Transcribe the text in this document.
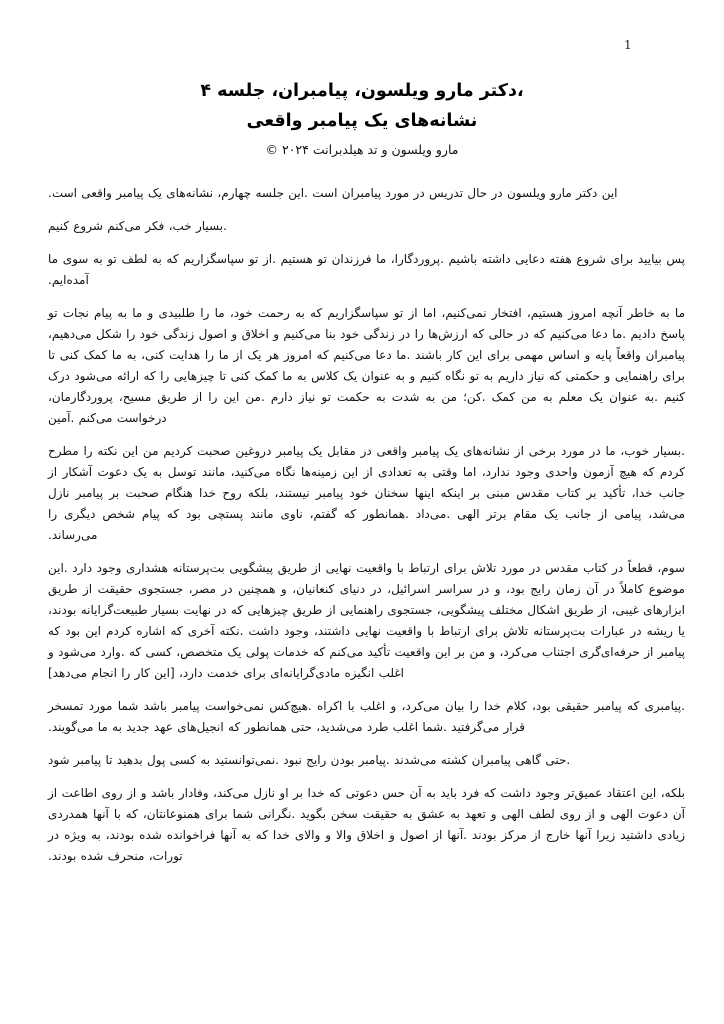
1
،دکتر مارو ویلسون، پیامبران، جلسه ۴
نشانه‌های یک پیامبر واقعی
مارو ویلسون و تد هیلدبرانت ۲۰۲۴ ©

این دکتر مارو ویلسون در حال تدریس در مورد پیامبران است .این جلسه چهارم، نشانه‌های یک پیامبر واقعی است.

.بسیار خب، فکر می‌کنم شروع کنیم

پس بیایید برای شروع هفته دعایی داشته باشیم .پروردگارا، ما فرزندان تو هستیم .از تو سپاسگزاریم که به لطف تو به سوی ما آمده‌ایم.

ما به خاطر آنچه امروز هستیم، افتخار نمی‌کنیم، اما از تو سپاسگزاریم که به رحمت خود، ما را طلبیدی و ما به پیام نجات تو پاسخ دادیم .ما دعا می‌کنیم که در حالی که ارزش‌ها را در زندگی خود بنا می‌کنیم و اخلاق و اصول زندگی خود را شکل می‌دهیم، پیامبران واقعاً پایه و اساس مهمی برای این کار باشند .ما دعا می‌کنیم که امروز هر یک از ما را هدایت کنی، به ما کمک کنی تا برای راهنمایی و حکمتی که نیاز داریم به تو نگاه کنیم و به عنوان یک کلاس به ما کمک کنی تا چیزهایی را که ارائه می‌شود درک کنیم .به عنوان یک معلم به من کمک .کن؛ من به شدت به حکمت تو نیاز دارم .من این را از طریق مسیح، پروردگارمان، درخواست می‌کنم .آمین

.بسیار خوب، ما در مورد برخی از نشانه‌های یک پیامبر واقعی در مقابل یک پیامبر دروغین صحبت کردیم من این نکته را مطرح کردم که هیچ آزمون واحدی وجود ندارد، اما وقتی به تعدادی از این زمینه‌ها نگاه می‌کنید، مانند توسل به یک دعوت آشکار از جانب خدا، تأکید بر کتاب مقدس مبنی بر اینکه اینها سخنان خود پیامبر نیستند، بلکه روح خدا هنگام صحبت بر پیامبر نازل می‌شد، پیامی از جانب یک مقام برتر الهی .می‌داد .همانطور که گفتم، ناوی مانند پستچی بود که پیام شخص دیگری را می‌رساند.

سوم، قطعاً در کتاب مقدس در مورد تلاش برای ارتباط با واقعیت نهایی از طریق پیشگویی بت‌پرستانه هشداری وجود دارد .این موضوع کاملاً در آن زمان رایج بود، و در سراسر اسرائیل، در دنیای کنعانیان، و همچنین در مصر، جستجوی حقیقت از طریق ابزارهای غیبی، از طریق اشکال مختلف پیشگویی، جستجوی راهنمایی از طریق چیزهایی که در نهایت بسیار طبیعت‌گرایانه بودند، یا ریشه در عبارات بت‌پرستانه تلاش برای ارتباط با واقعیت نهایی داشتند، وجود داشت .نکته آخری که اشاره کردم این بود که پیامبر از حرفه‌ای‌گری اجتناب می‌کرد، و من بر این واقعیت تأکید می‌کنم که خدمات پولی یک متخصص، کسی که .وارد می‌شود و اغلب انگیزه مادی‌گرایانه‌ای برای خدمت دارد، [این کار را انجام می‌دهد]

.پیامبری که پیامبر حقیقی بود، کلام خدا را بیان می‌کرد، و اغلب با اکراه .هیچ‌کس نمی‌خواست پیامبر باشد شما مورد تمسخر قرار می‌گرفتید .شما اغلب طرد می‌شدید، حتی همانطور که انجیل‌های عهد جدید به ما می‌گویند.

.حتی گاهی پیامبران کشته می‌شدند .پیامبر بودن رایج نبود .نمی‌توانستید به کسی پول بدهید تا پیامبر شود

بلکه، این اعتقاد عمیق‌تر وجود داشت که فرد باید به آن حس دعوتی که خدا بر او نازل می‌کند، وفادار باشد و از روی اطاعت از آن دعوت الهی و از روی لطف الهی و تعهد به عشق به حقیقت سخن بگوید .نگرانی شما برای همنوعانتان، که با آنها همدردی زیادی داشتید زیرا آنها خارج از مرکز بودند .آنها از اصول و اخلاق والا و والای خدا که به آنها فراخوانده شده بودند، به ویژه در تورات، منحرف شده بودند.
